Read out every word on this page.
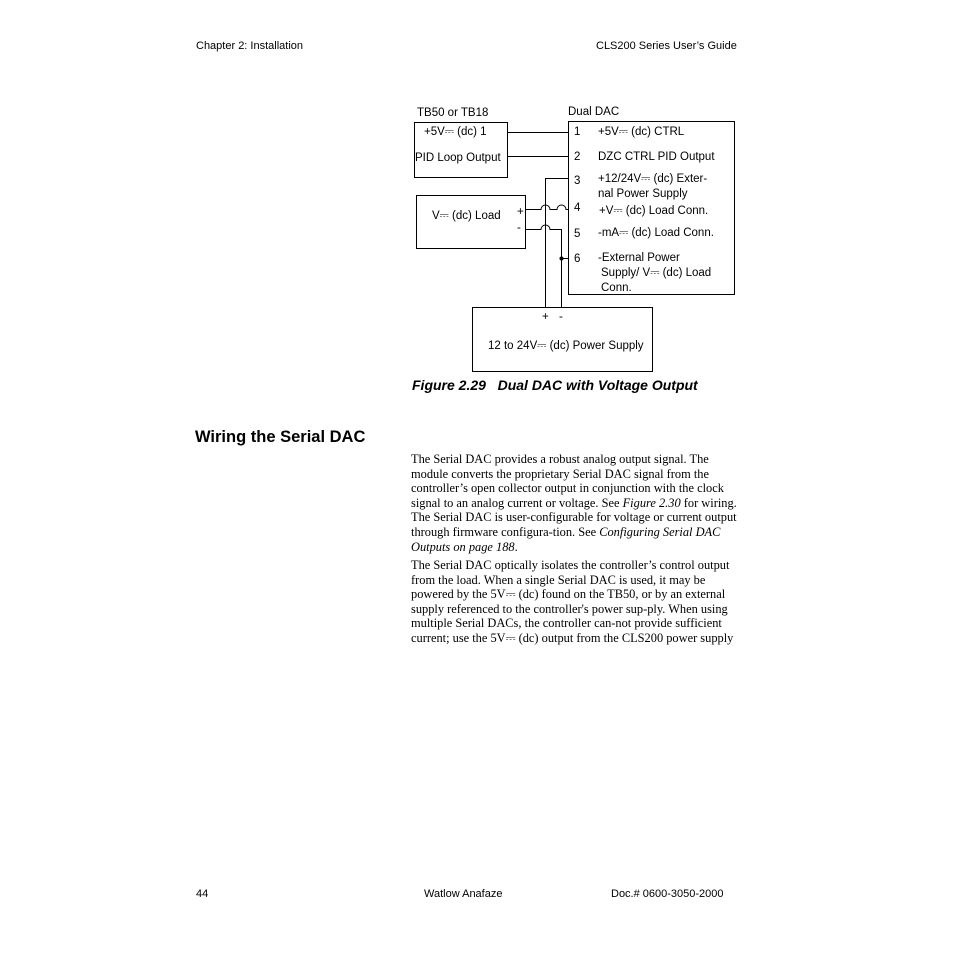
Chapter 2: Installation	CLS200 Series User’s Guide
TB50 or TB18
+5V⎓ (dc) 1
PID Loop Output
V⎓ (dc) Load +
-
Dual DAC
1 +5V⎓ (dc) CTRL
2 DZC CTRL PID Output
3 +12/24V⎓ (dc) Exter-
nal Power Supply
4 +V⎓ (dc) Load Conn.
5 -mA⎓ (dc) Load Conn.
6 -External Power
Supply/ V⎓ (dc) Load
Conn.
+ -
12 to 24V⎓ (dc) Power Supply
Figure 2.29   Dual DAC with Voltage Output
Wiring the Serial DAC

The Serial DAC provides a robust analog output signal. The module converts the proprietary Serial DAC signal from the controller’s open collector output in conjunction with the clock signal to an analog current or voltage. See Figure 2.30 for wiring. The Serial DAC is user-configurable for voltage or current output through firmware configura-tion. See Configuring Serial DAC Outputs on page 188.

The Serial DAC optically isolates the controller’s control output from the load. When a single Serial DAC is used, it may be powered by the 5V⎓ (dc) found on the TB50, or by an external supply referenced to the controller's power sup-ply. When using multiple Serial DACs, the controller can-not provide sufficient current; use the 5V⎓ (dc) output from the CLS200 power supply

44	Watlow Anafaze	Doc.# 0600-3050-2000
